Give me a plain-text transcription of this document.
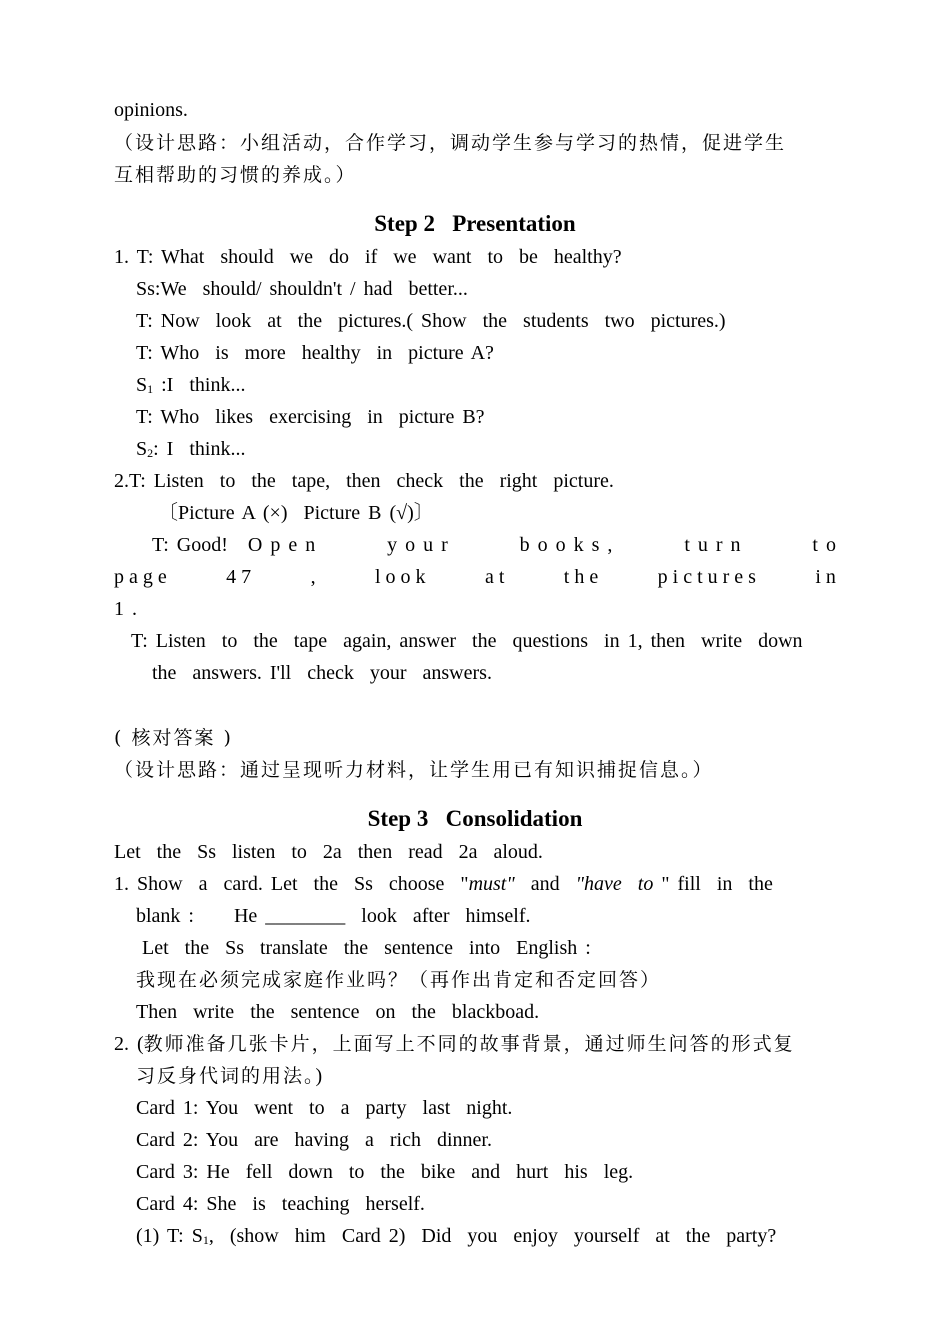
opinions.
（设计思路：小组活动，合作学习，调动学生参与学习的热情，促进学生
互相帮助的习惯的养成。）
Step 2   Presentation
1. T: What  should  we  do  if  we  want  to  be  healthy?
Ss:We  should/ shouldn't / had  better...
T: Now  look  at  the  pictures.( Show  the  students  two  pictures.)
T: Who  is  more  healthy  in  picture A?
$S_1$ :I  think...
T: Who  likes  exercising  in  picture B?
$S_2$: I  think...
2.T: Listen  to  the  tape,  then  check  the  right  picture.
〔Picture A (×)  Picture B (√)〕
T: Good! O p e n	y o u r	b o o k s ,	t u r n	t o
p a g e	4 7	,	l o o k	a t	t h e	p i c t u r e s	i n
1 .
T: Listen  to  the  tape  again, answer  the  questions  in 1, then  write  down
the  answers. I'll  check  your  answers.
( 核对答案 )
（设计思路：通过呈现听力材料，让学生用已有知识捕捉信息。）
Step 3   Consolidation
Let  the  Ss  listen  to  2a  then  read  2a  aloud.
1. Show  a  card. Let  the  Ss  choose  "must"  and  "have  to " fill  in  the
blank :     He ________  look  after  himself.
Let  the  Ss  translate  the  sentence  into  English :
我现在必须完成家庭作业吗？（再作出肯定和否定回答）
Then  write  the  sentence  on  the  blackboad.
2. (教师准备几张卡片，上面写上不同的故事背景，通过师生问答的形式复
习反身代词的用法。)
Card 1: You  went  to  a  party  last  night.
Card 2: You  are  having  a  rich  dinner.
Card 3: He  fell  down  to  the  bike  and  hurt  his  leg.
Card 4: She  is  teaching  herself.
(1) T: $S_1$,  (show  him  Card 2)  Did  you  enjoy  yourself  at  the  party?
